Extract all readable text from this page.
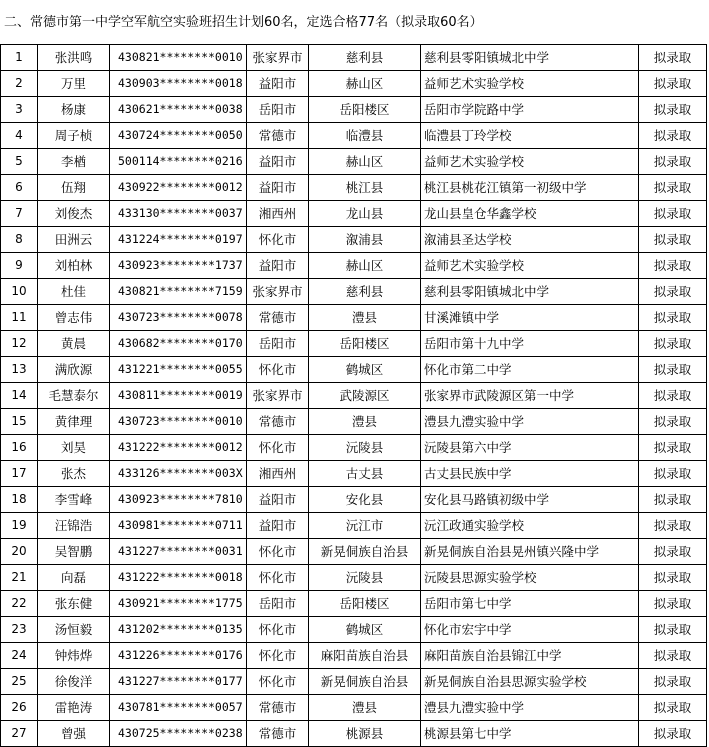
二、常德市第一中学空军航空实验班招生计划60名，定选合格77名（拟录取60名）
1	张洪鸣	430821********0010	张家界市	慈利县	慈利县零阳镇城北中学	拟录取
2	万里	430903********0018	益阳市	赫山区	益师艺术实验学校	拟录取
3	杨康	430621********0038	岳阳市	岳阳楼区	岳阳市学院路中学	拟录取
4	周子桢	430724********0050	常德市	临澧县	临澧县丁玲学校	拟录取
5	李楢	500114********0216	益阳市	赫山区	益师艺术实验学校	拟录取
6	伍翔	430922********0012	益阳市	桃江县	桃江县桃花江镇第一初级中学	拟录取
7	刘俊杰	433130********0037	湘西州	龙山县	龙山县皇仓华鑫学校	拟录取
8	田洲云	431224********0197	怀化市	溆浦县	溆浦县圣达学校	拟录取
9	刘柏林	430923********1737	益阳市	赫山区	益师艺术实验学校	拟录取
10	杜佳	430821********7159	张家界市	慈利县	慈利县零阳镇城北中学	拟录取
11	曾志伟	430723********0078	常德市	澧县	甘溪滩镇中学	拟录取
12	黄晨	430682********0170	岳阳市	岳阳楼区	岳阳市第十九中学	拟录取
13	满欣源	431221********0055	怀化市	鹤城区	怀化市第二中学	拟录取
14	毛慧泰尔	430811********0019	张家界市	武陵源区	张家界市武陵源区第一中学	拟录取
15	黄律理	430723********0010	常德市	澧县	澧县九澧实验中学	拟录取
16	刘昊	431222********0012	怀化市	沅陵县	沅陵县第六中学	拟录取
17	张杰	433126********003X	湘西州	古丈县	古丈县民族中学	拟录取
18	李雪峰	430923********7810	益阳市	安化县	安化县马路镇初级中学	拟录取
19	汪锦浩	430981********0711	益阳市	沅江市	沅江政通实验学校	拟录取
20	吴智鹏	431227********0031	怀化市	新晃侗族自治县	新晃侗族自治县晃州镇兴隆中学	拟录取
21	向磊	431222********0018	怀化市	沅陵县	沅陵县思源实验学校	拟录取
22	张东健	430921********1775	岳阳市	岳阳楼区	岳阳市第七中学	拟录取
23	汤恒毅	431202********0135	怀化市	鹤城区	怀化市宏宇中学	拟录取
24	钟炜烨	431226********0176	怀化市	麻阳苗族自治县	麻阳苗族自治县锦江中学	拟录取
25	徐俊洋	431227********0177	怀化市	新晃侗族自治县	新晃侗族自治县思源实验学校	拟录取
26	雷艳涛	430781********0057	常德市	澧县	澧县九澧实验中学	拟录取
27	曾强	430725********0238	常德市	桃源县	桃源县第七中学	拟录取
